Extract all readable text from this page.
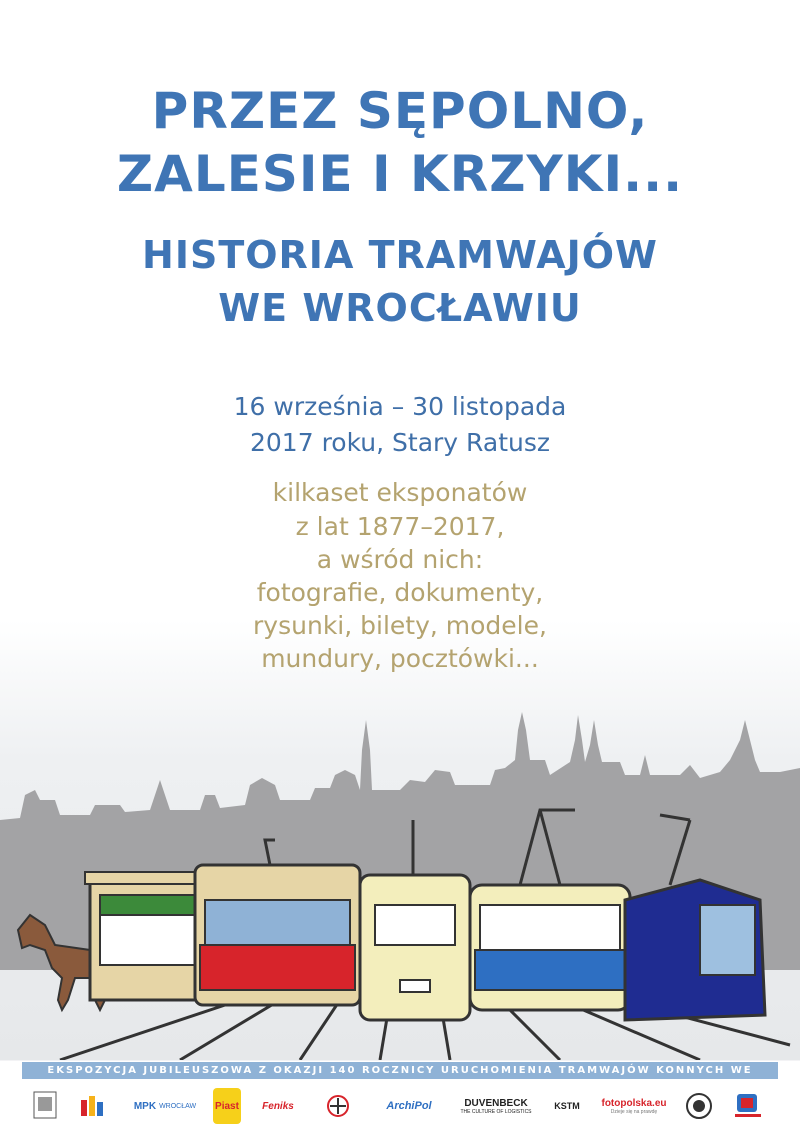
PRZEZ SĘPOLNO,
ZALESIE I KRZYKI...
HISTORIA TRAMWAJÓW
WE WROCŁAWIU
16 września – 30 listopada
2017 roku, Stary Ratusz
kilkaset eksponatów
z lat 1877–2017,
a wśród nich:
fotografie, dokumenty,
rysunki, bilety, modele,
mundury, pocztówki...
EKSPOZYCJA JUBILEUSZOWA Z OKAZJI 140 ROCZNICY URUCHOMIENIA TRAMWAJÓW KONNYCH WE WROCŁAWIU
MPK WROCŁAW Piast Feniks	ArchiPol	DUVENBECK
THE CULTURE OF LOGISTICS
KSTM fotopolska.eu
Dzieje się na prawdę
